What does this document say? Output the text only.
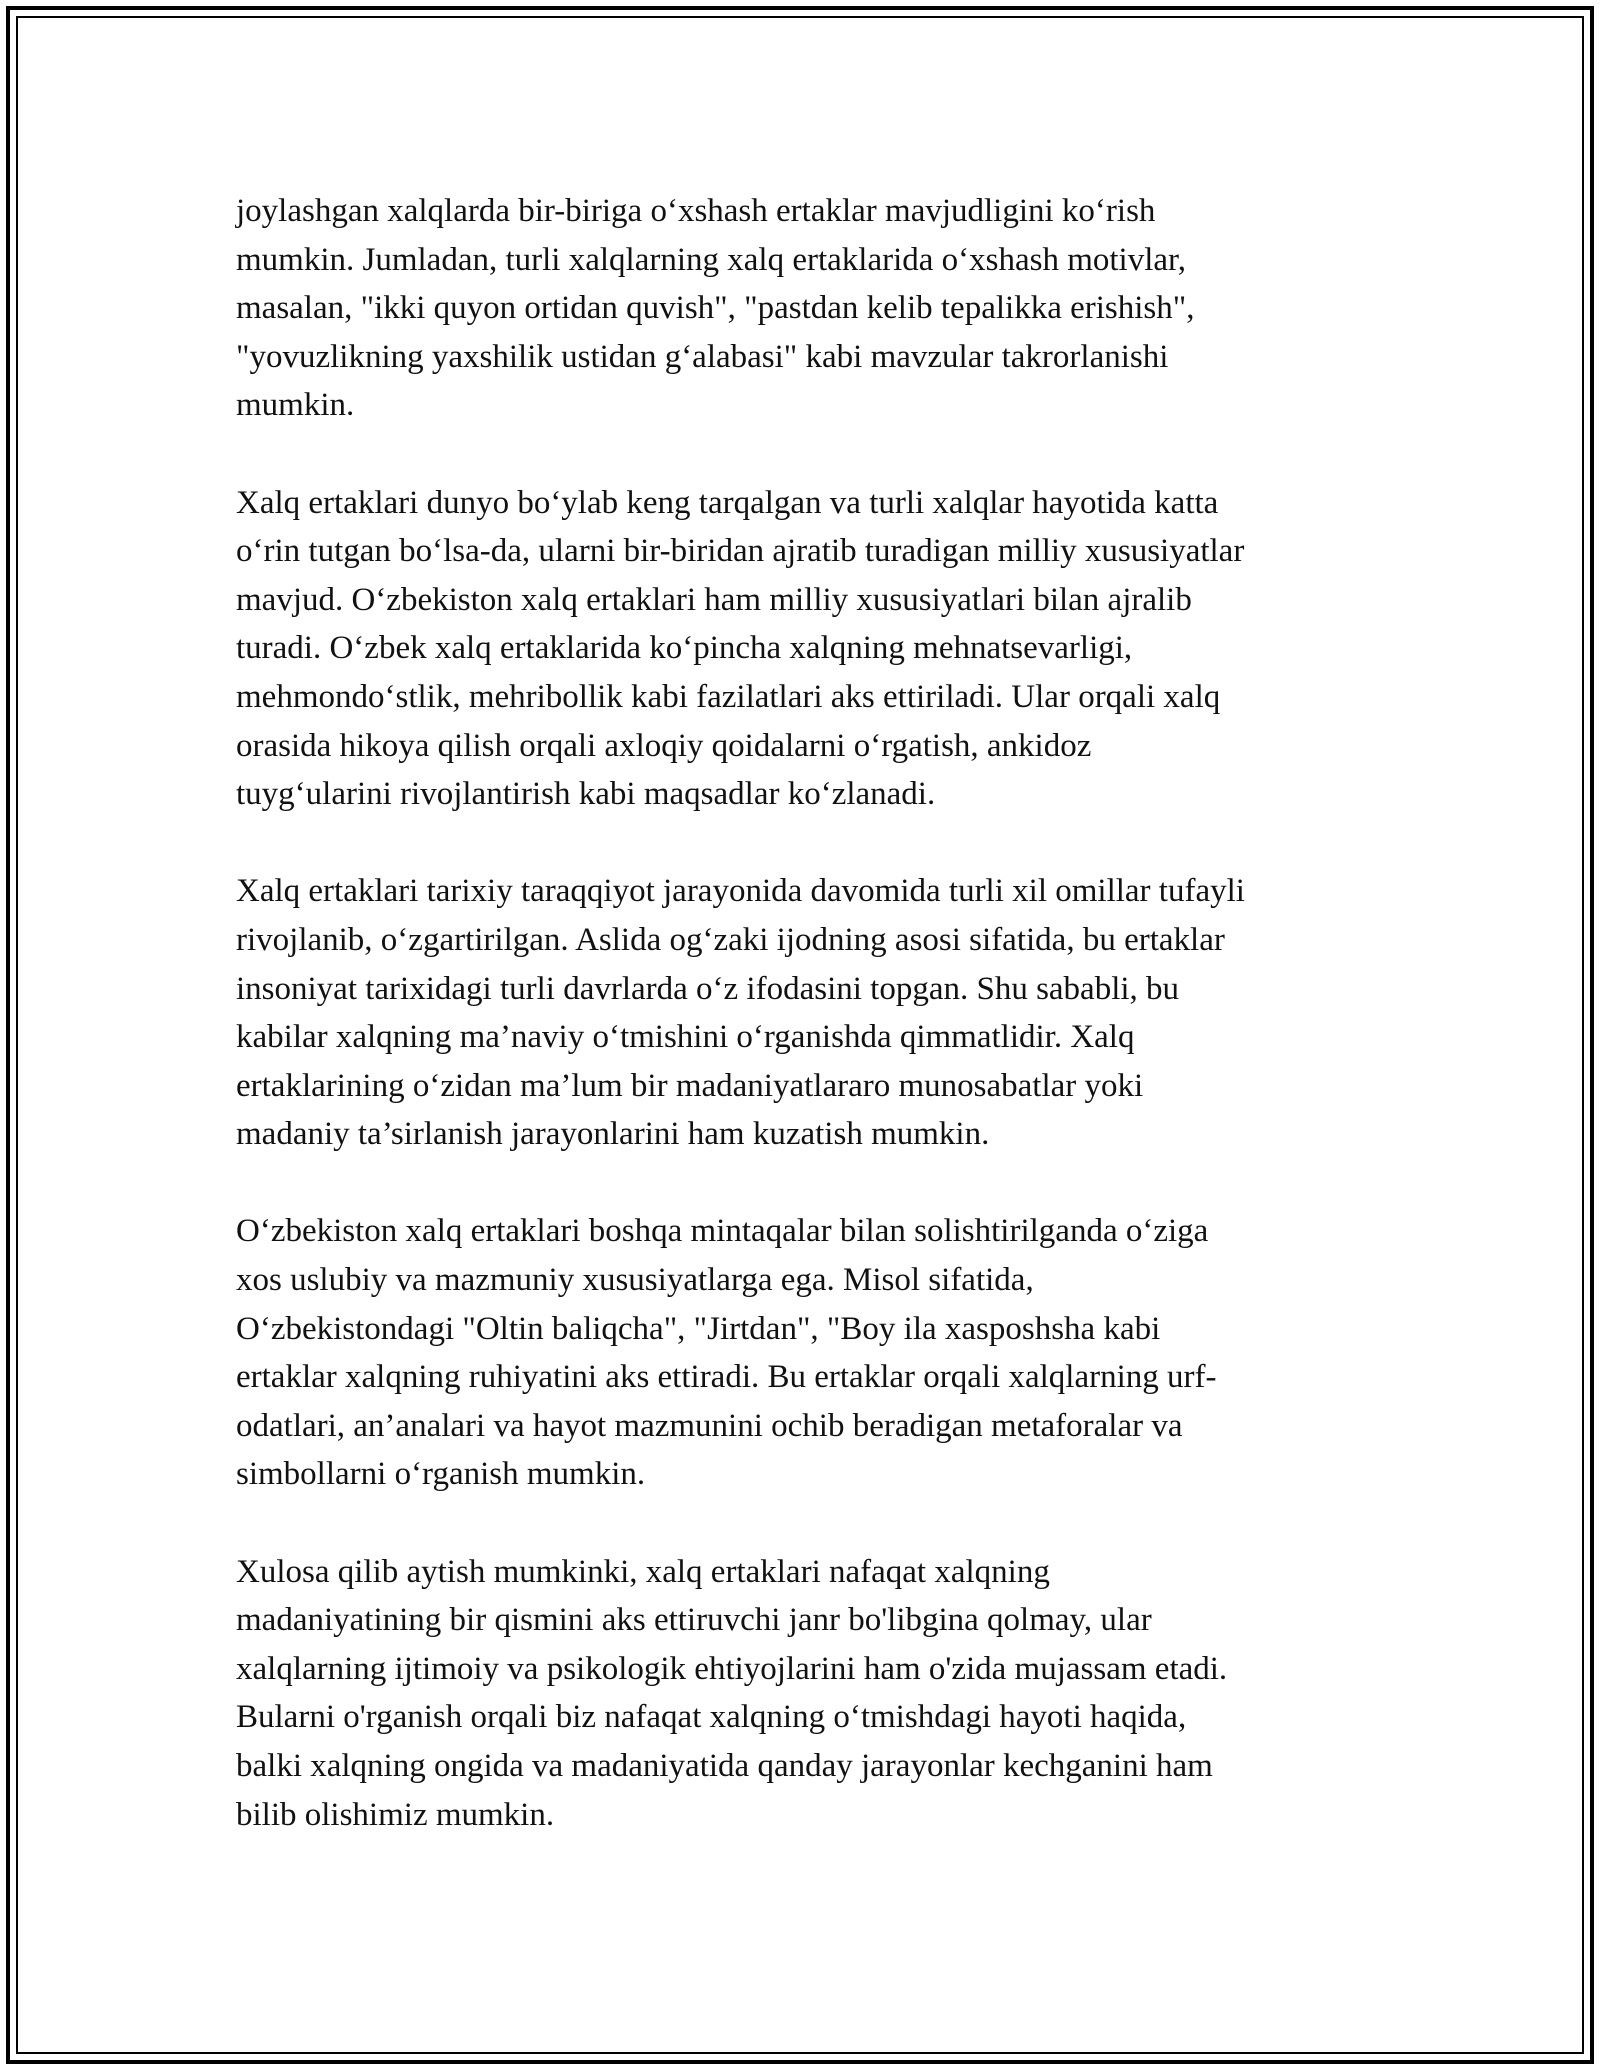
joylashgan xalqlarda bir-biriga o‘xshash ertaklar mavjudligini ko‘rish
mumkin. Jumladan, turli xalqlarning xalq ertaklarida o‘xshash motivlar,
masalan, "ikki quyon ortidan quvish", "pastdan kelib tepalikka erishish",
"yovuzlikning yaxshilik ustidan g‘alabasi" kabi mavzular takrorlanishi
mumkin.

Xalq ertaklari dunyo bo‘ylab keng tarqalgan va turli xalqlar hayotida katta
o‘rin tutgan bo‘lsa-da, ularni bir-biridan ajratib turadigan milliy xususiyatlar
mavjud. O‘zbekiston xalq ertaklari ham milliy xususiyatlari bilan ajralib
turadi. O‘zbek xalq ertaklarida ko‘pincha xalqning mehnatsevarligi,
mehmondo‘stlik, mehribollik kabi fazilatlari aks ettiriladi. Ular orqali xalq
orasida hikoya qilish orqali axloqiy qoidalarni o‘rgatish, ankidoz
tuyg‘ularini rivojlantirish kabi maqsadlar ko‘zlanadi.

Xalq ertaklari tarixiy taraqqiyot jarayonida davomida turli xil omillar tufayli
rivojlanib, o‘zgartirilgan. Aslida og‘zaki ijodning asosi sifatida, bu ertaklar
insoniyat tarixidagi turli davrlarda o‘z ifodasini topgan. Shu sababli, bu
kabilar xalqning ma’naviy o‘tmishini o‘rganishda qimmatlidir. Xalq
ertaklarining o‘zidan ma’lum bir madaniyatlararo munosabatlar yoki
madaniy ta’sirlanish jarayonlarini ham kuzatish mumkin.

O‘zbekiston xalq ertaklari boshqa mintaqalar bilan solishtirilganda o‘ziga
xos uslubiy va mazmuniy xususiyatlarga ega. Misol sifatida,
O‘zbekistondagi "Oltin baliqcha", "Jirtdan", "Boy ila xasposhsha kabi
ertaklar xalqning ruhiyatini aks ettiradi. Bu ertaklar orqali xalqlarning urf-
odatlari, an’analari va hayot mazmunini ochib beradigan metaforalar va
simbollarni o‘rganish mumkin.

Xulosa qilib aytish mumkinki, xalq ertaklari nafaqat xalqning
madaniyatining bir qismini aks ettiruvchi janr bo'libgina qolmay, ular
xalqlarning ijtimoiy va psikologik ehtiyojlarini ham o'zida mujassam etadi.
Bularni o'rganish orqali biz nafaqat xalqning o‘tmishdagi hayoti haqida,
balki xalqning ongida va madaniyatida qanday jarayonlar kechganini ham
bilib olishimiz mumkin.
